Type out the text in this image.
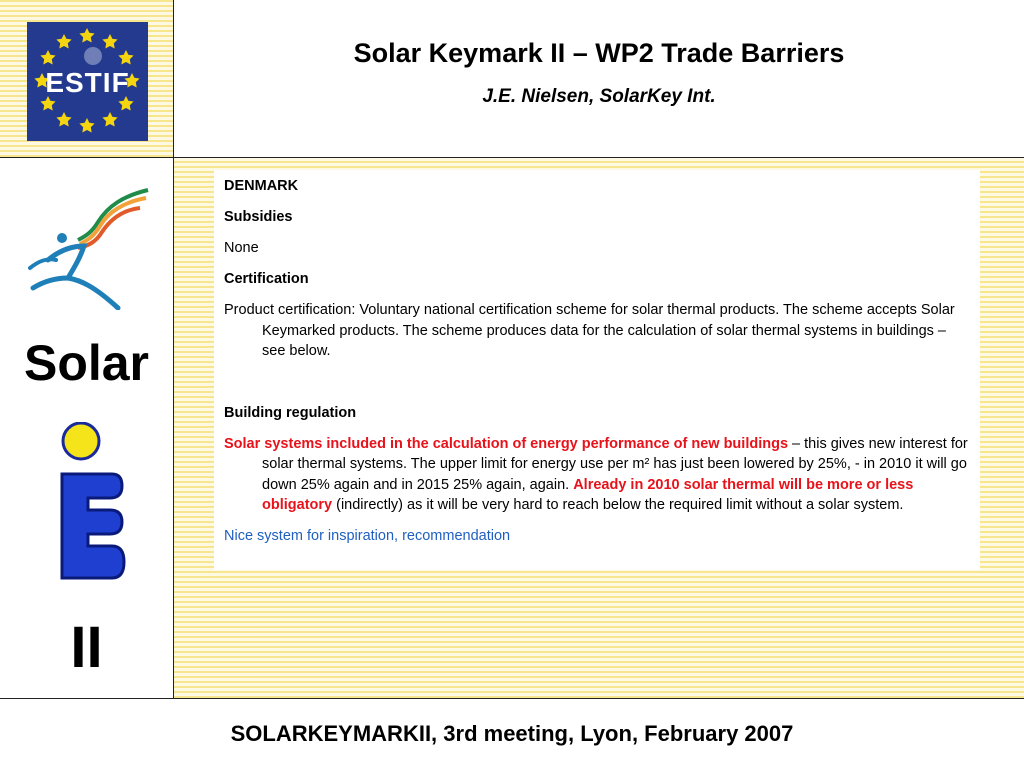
ESTIF
Solar Keymark II – WP2 Trade Barriers
J.E. Nielsen, SolarKey Int.
Solar
II

DENMARK

Subsidies

None

Certification

Product certification: Voluntary national certification scheme for solar thermal products. The scheme accepts Solar Keymarked products. The scheme produces data for the calculation of solar thermal systems in buildings – see below.

Building regulation

Solar systems included in the calculation of energy performance of new buildings – this gives new interest for solar thermal systems. The upper limit for energy use per m² has just been lowered by 25%, - in 2010 it will go down 25% again and in 2015 25% again, again. Already in 2010 solar thermal will be more or less obligatory (indirectly) as it will be very hard to reach below the required limit without a solar system.

Nice system for inspiration, recommendation

SOLARKEYMARKII, 3rd meeting, Lyon, February 2007
